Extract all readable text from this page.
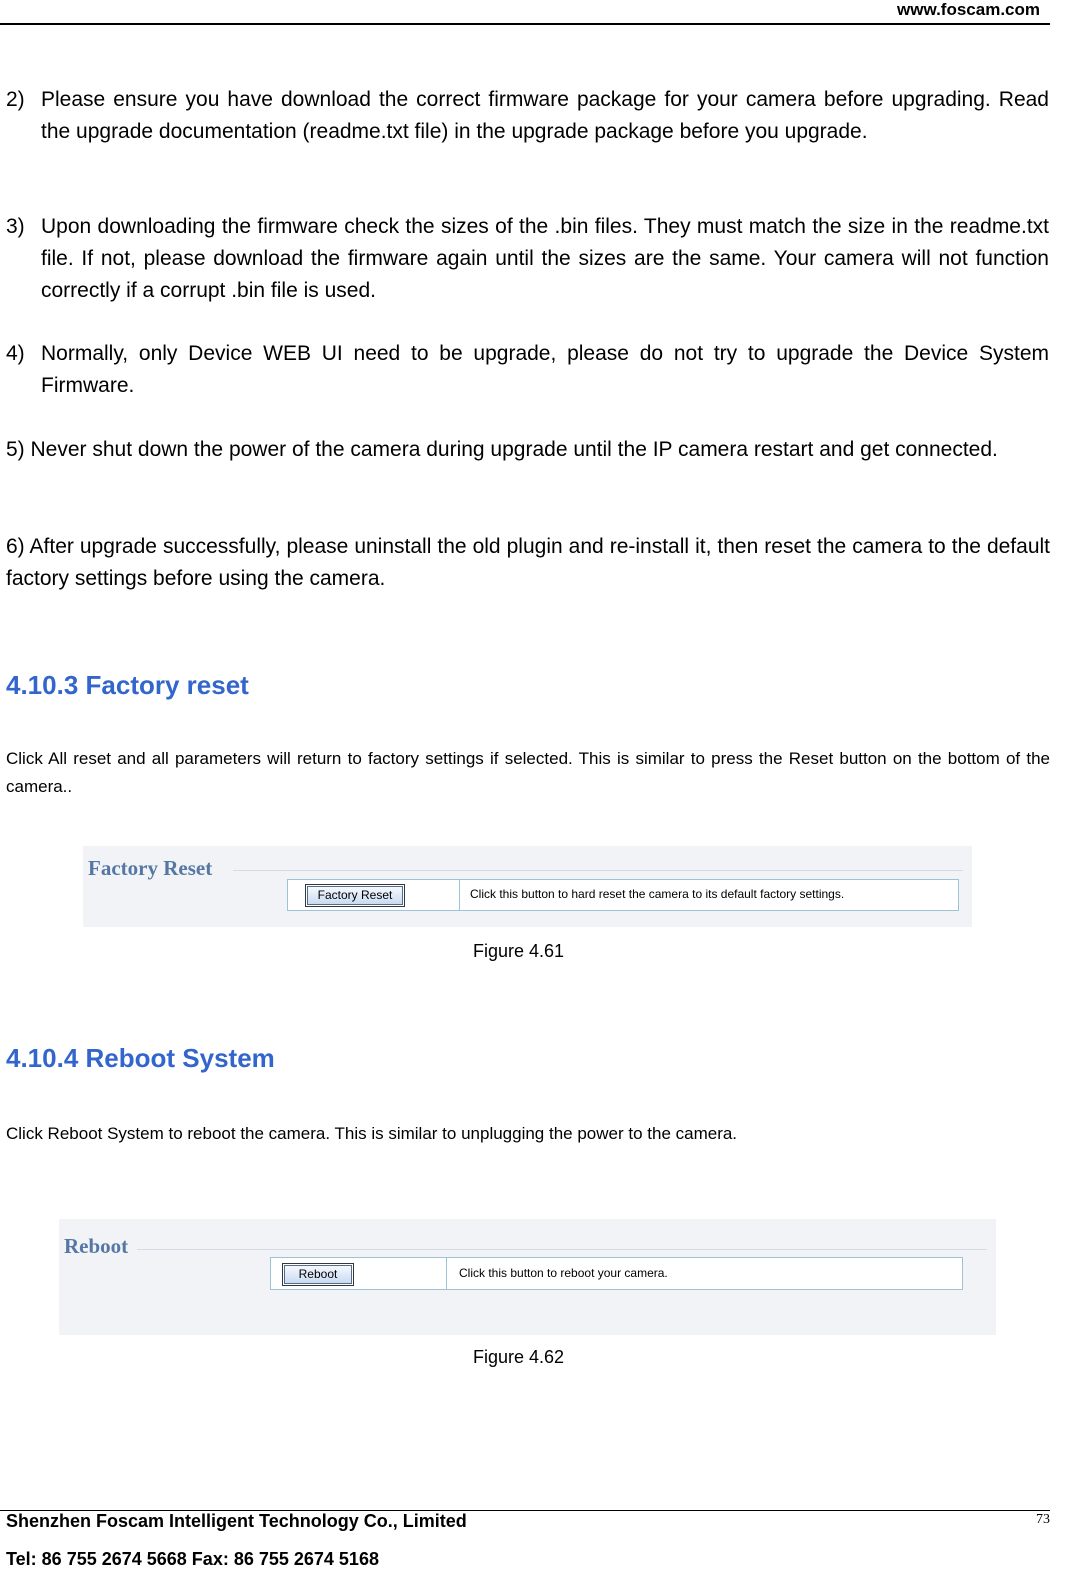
www.foscam.com
2) Please ensure you have download the correct firmware package for your camera before upgrading. Read the upgrade documentation (readme.txt file) in the upgrade package before you upgrade.
3) Upon downloading the firmware check the sizes of the .bin files. They must match the size in the readme.txt file. If not, please download the firmware again until the sizes are the same. Your camera will not function correctly if a corrupt .bin file is used.
4) Normally, only Device WEB UI need to be upgrade, please do not try to upgrade the Device System Firmware.
5) Never shut down the power of the camera during upgrade until the IP camera restart and get connected.
6) After upgrade successfully, please uninstall the old plugin and re-install it, then reset the camera to the default factory settings before using the camera.
4.10.3 Factory reset
Click All reset and all parameters will return to factory settings if selected. This is similar to press the Reset button on the bottom of the camera..
Factory Reset
Factory Reset	Click this button to hard reset the camera to its default factory settings.
Figure 4.61
4.10.4 Reboot System
Click Reboot System to reboot the camera. This is similar to unplugging the power to the camera.
Reboot
Reboot	Click this button to reboot your camera.
Figure 4.62
Shenzhen Foscam Intelligent Technology Co., Limited
Tel: 86 755 2674 5668 Fax: 86 755 2674 5168
73
